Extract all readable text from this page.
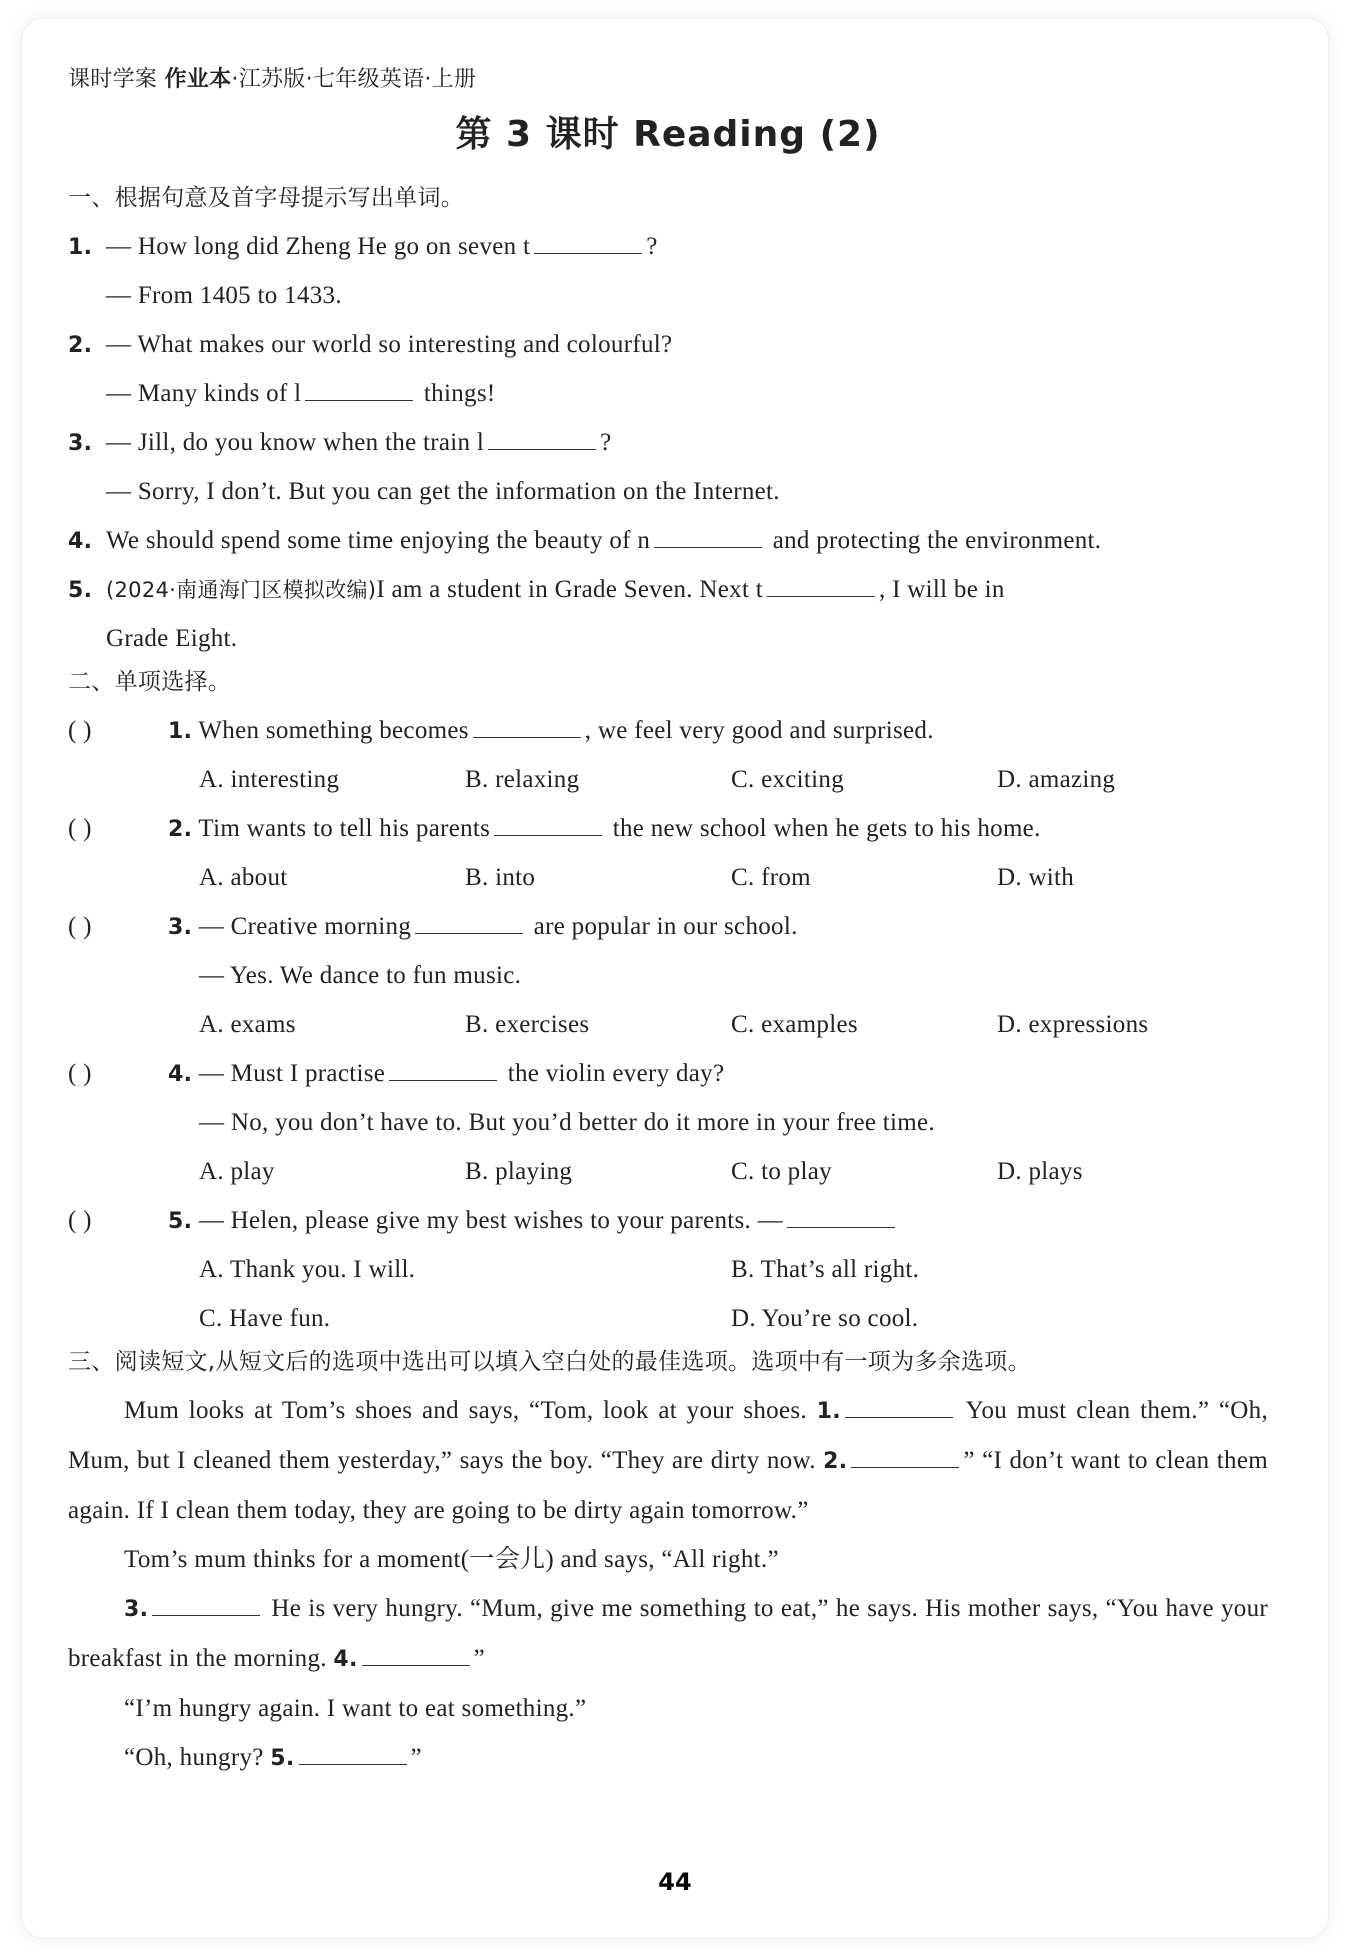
课时学案 作业本·江苏版·七年级英语·上册
第 3 课时 Reading (2)
一、根据句意及首字母提示写出单词。
1. — How long did Zheng He go on seven t	?
— From 1405 to 1433.
2. — What makes our world so interesting and colourful?
— Many kinds of l	things!
3. — Jill, do you know when the train l	?
— Sorry, I don’t. But you can get the information on the Internet.
4. We should spend some time enjoying the beauty of n	and protecting the environment.
5. (2024·南通海门区模拟改编)I am a student in Grade Seven. Next t	, I will be in
Grade Eight.
二、单项选择。
( )	1. When something becomes	, we feel very good and surprised.
A. interesting	B. relaxing	C. exciting	D. amazing
( )	2. Tim wants to tell his parents	the new school when he gets to his home.
A. about	B. into	C. from	D. with
( )	3. — Creative morning	are popular in our school.
— Yes. We dance to fun music.
A. exams	B. exercises	C. examples	D. expressions
( )	4. — Must I practise	the violin every day?
— No, you don’t have to. But you’d better do it more in your free time.
A. play	B. playing	C. to play	D. plays
( )	5. — Helen, please give my best wishes to your parents. —
A. Thank you. I will.	B. That’s all right.
C. Have fun.	D. You’re so cool.
三、阅读短文,从短文后的选项中选出可以填入空白处的最佳选项。选项中有一项为多余选项。
Mum looks at Tom’s shoes and says, “Tom, look at your shoes. 1.	You must clean them.” “Oh, Mum, but I cleaned them yesterday,” says the boy. “They are dirty now. 2.	” “I don’t want to clean them again. If I clean them today, they are going to be dirty again tomorrow.”
Tom’s mum thinks for a moment(一会儿) and says, “All right.”
3.	He is very hungry. “Mum, give me something to eat,” he says. His mother says, “You have your breakfast in the morning. 4.	”
“I’m hungry again. I want to eat something.”
“Oh, hungry? 5.	”
44
